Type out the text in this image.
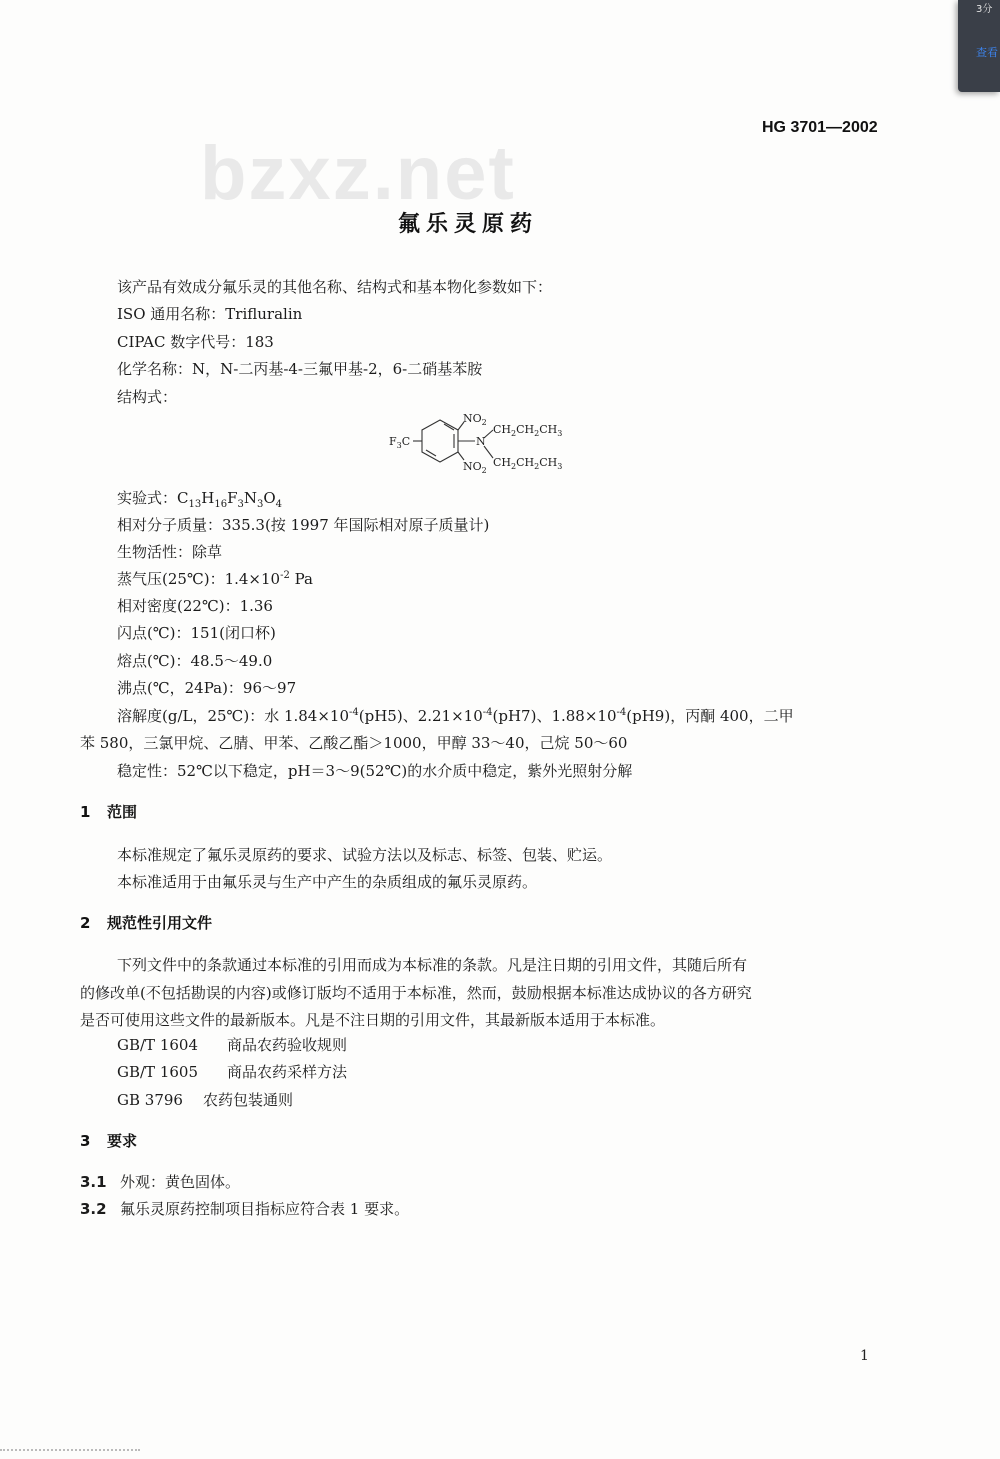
3分
查看
HG 3701—2002
bzxz.net
氟乐灵原药
该产品有效成分氟乐灵的其他名称、结构式和基本物化参数如下：
ISO 通用名称：Trifluralin
CIPAC 数字代号：183
化学名称：N，N-二丙基-4-三氟甲基-2，6-二硝基苯胺
结构式：
$F_3C$
$NO_2$
$NO_2$
N
$CH_2CH_2CH_3$
$CH_2CH_2CH_3$
实验式：$C_{13}H_{16}F_3N_3O_4$
相对分子质量：335.3(按 1997 年国际相对原子质量计)
生物活性：除草
蒸气压(25℃)：$1.4\times 10^{-2}$ Pa
相对密度(22℃)：1.36
闪点(℃)：151(闭口杯)
熔点(℃)：48.5～49.0
沸点(℃，24Pa)：96～97
溶解度(g/L，25℃)：水 $1.84\times 10^{-4}(pH5)$、$2.21\times 10^{-4}(pH7)$、$1.88\times 10^{-4}(pH9)$，丙酮 400，二甲
苯 580，三氯甲烷、乙腈、甲苯、乙酸乙酯＞1000，甲醇 33～40，己烷 50～60
稳定性：52℃以下稳定，pH＝3～9(52℃)的水介质中稳定，紫外光照射分解
1 范围
本标准规定了氟乐灵原药的要求、试验方法以及标志、标签、包装、贮运。
本标准适用于由氟乐灵与生产中产生的杂质组成的氟乐灵原药。
2 规范性引用文件
下列文件中的条款通过本标准的引用而成为本标准的条款。凡是注日期的引用文件，其随后所有
的修改单(不包括勘误的内容)或修订版均不适用于本标准，然而，鼓励根据本标准达成协议的各方研究
是否可使用这些文件的最新版本。凡是不注日期的引用文件，其最新版本适用于本标准。
GB/T 1604 商品农药验收规则
GB/T 1605 商品农药采样方法
GB 3796 农药包装通则
3 要求
3.1 外观：黄色固体。
3.2 氟乐灵原药控制项目指标应符合表 1 要求。
1
